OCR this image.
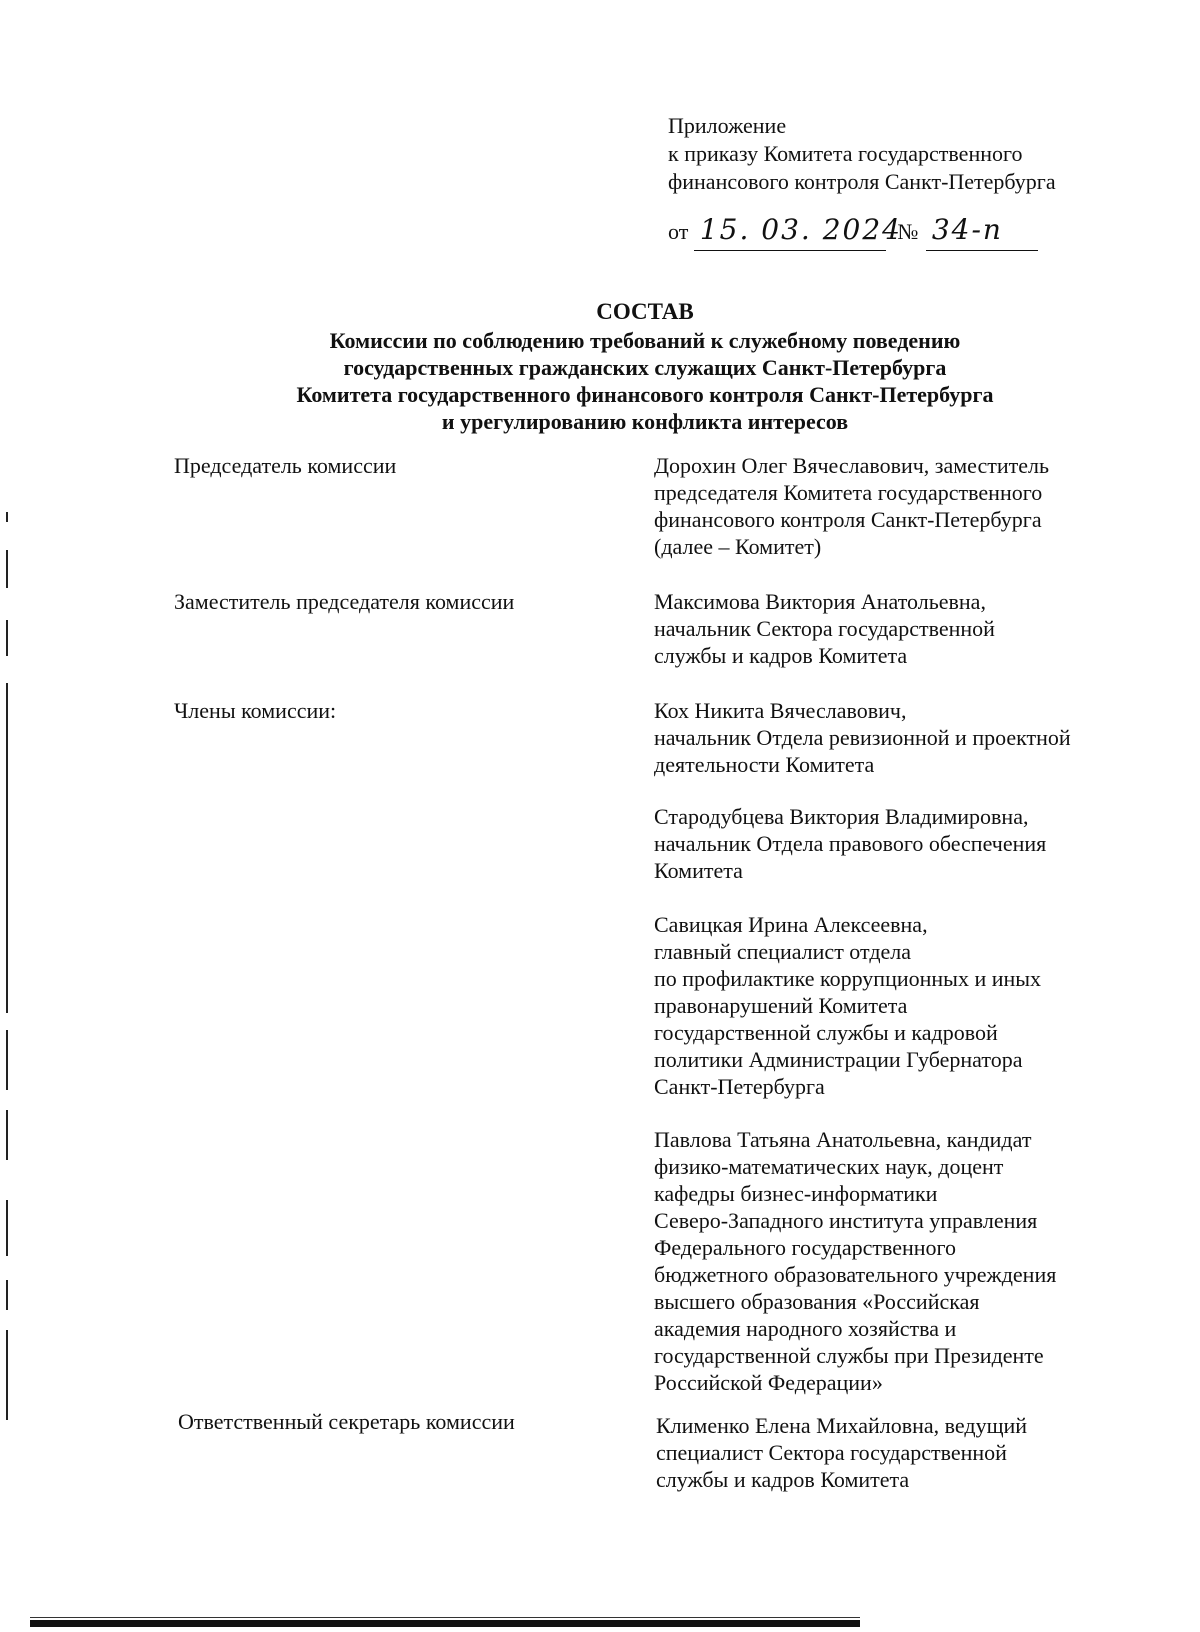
Приложение
к приказу Комитета государственного
финансового контроля Санкт-Петербурга
от 15. 03. 2024 № 34-п
СОСТАВ
Комиссии по соблюдению требований к служебному поведению
государственных гражданских служащих Санкт-Петербурга
Комитета государственного финансового контроля Санкт-Петербурга
и урегулированию конфликта интересов
Председатель комиссии	Дорохин Олег Вячеславович, заместитель
председателя Комитета государственного
финансового контроля Санкт-Петербурга
(далее – Комитет)
Заместитель председателя комиссии	Максимова Виктория Анатольевна,
начальник Сектора государственной
службы и кадров Комитета
Члены комиссии:	Кох Никита Вячеславович,
начальник Отдела ревизионной и проектной
деятельности Комитета
Стародубцева Виктория Владимировна,
начальник Отдела правового обеспечения
Комитета
Савицкая Ирина Алексеевна,
главный специалист отдела
по профилактике коррупционных и иных
правонарушений Комитета
государственной службы и кадровой
политики Администрации Губернатора
Санкт-Петербурга
Павлова Татьяна Анатольевна, кандидат
физико-математических наук, доцент
кафедры бизнес-информатики
Северо-Западного института управления
Федерального государственного
бюджетного образовательного учреждения
высшего образования «Российская
академия народного хозяйства и
государственной службы при Президенте
Российской Федерации»
Ответственный секретарь комиссии	Клименко Елена Михайловна, ведущий
специалист Сектора государственной
службы и кадров Комитета
